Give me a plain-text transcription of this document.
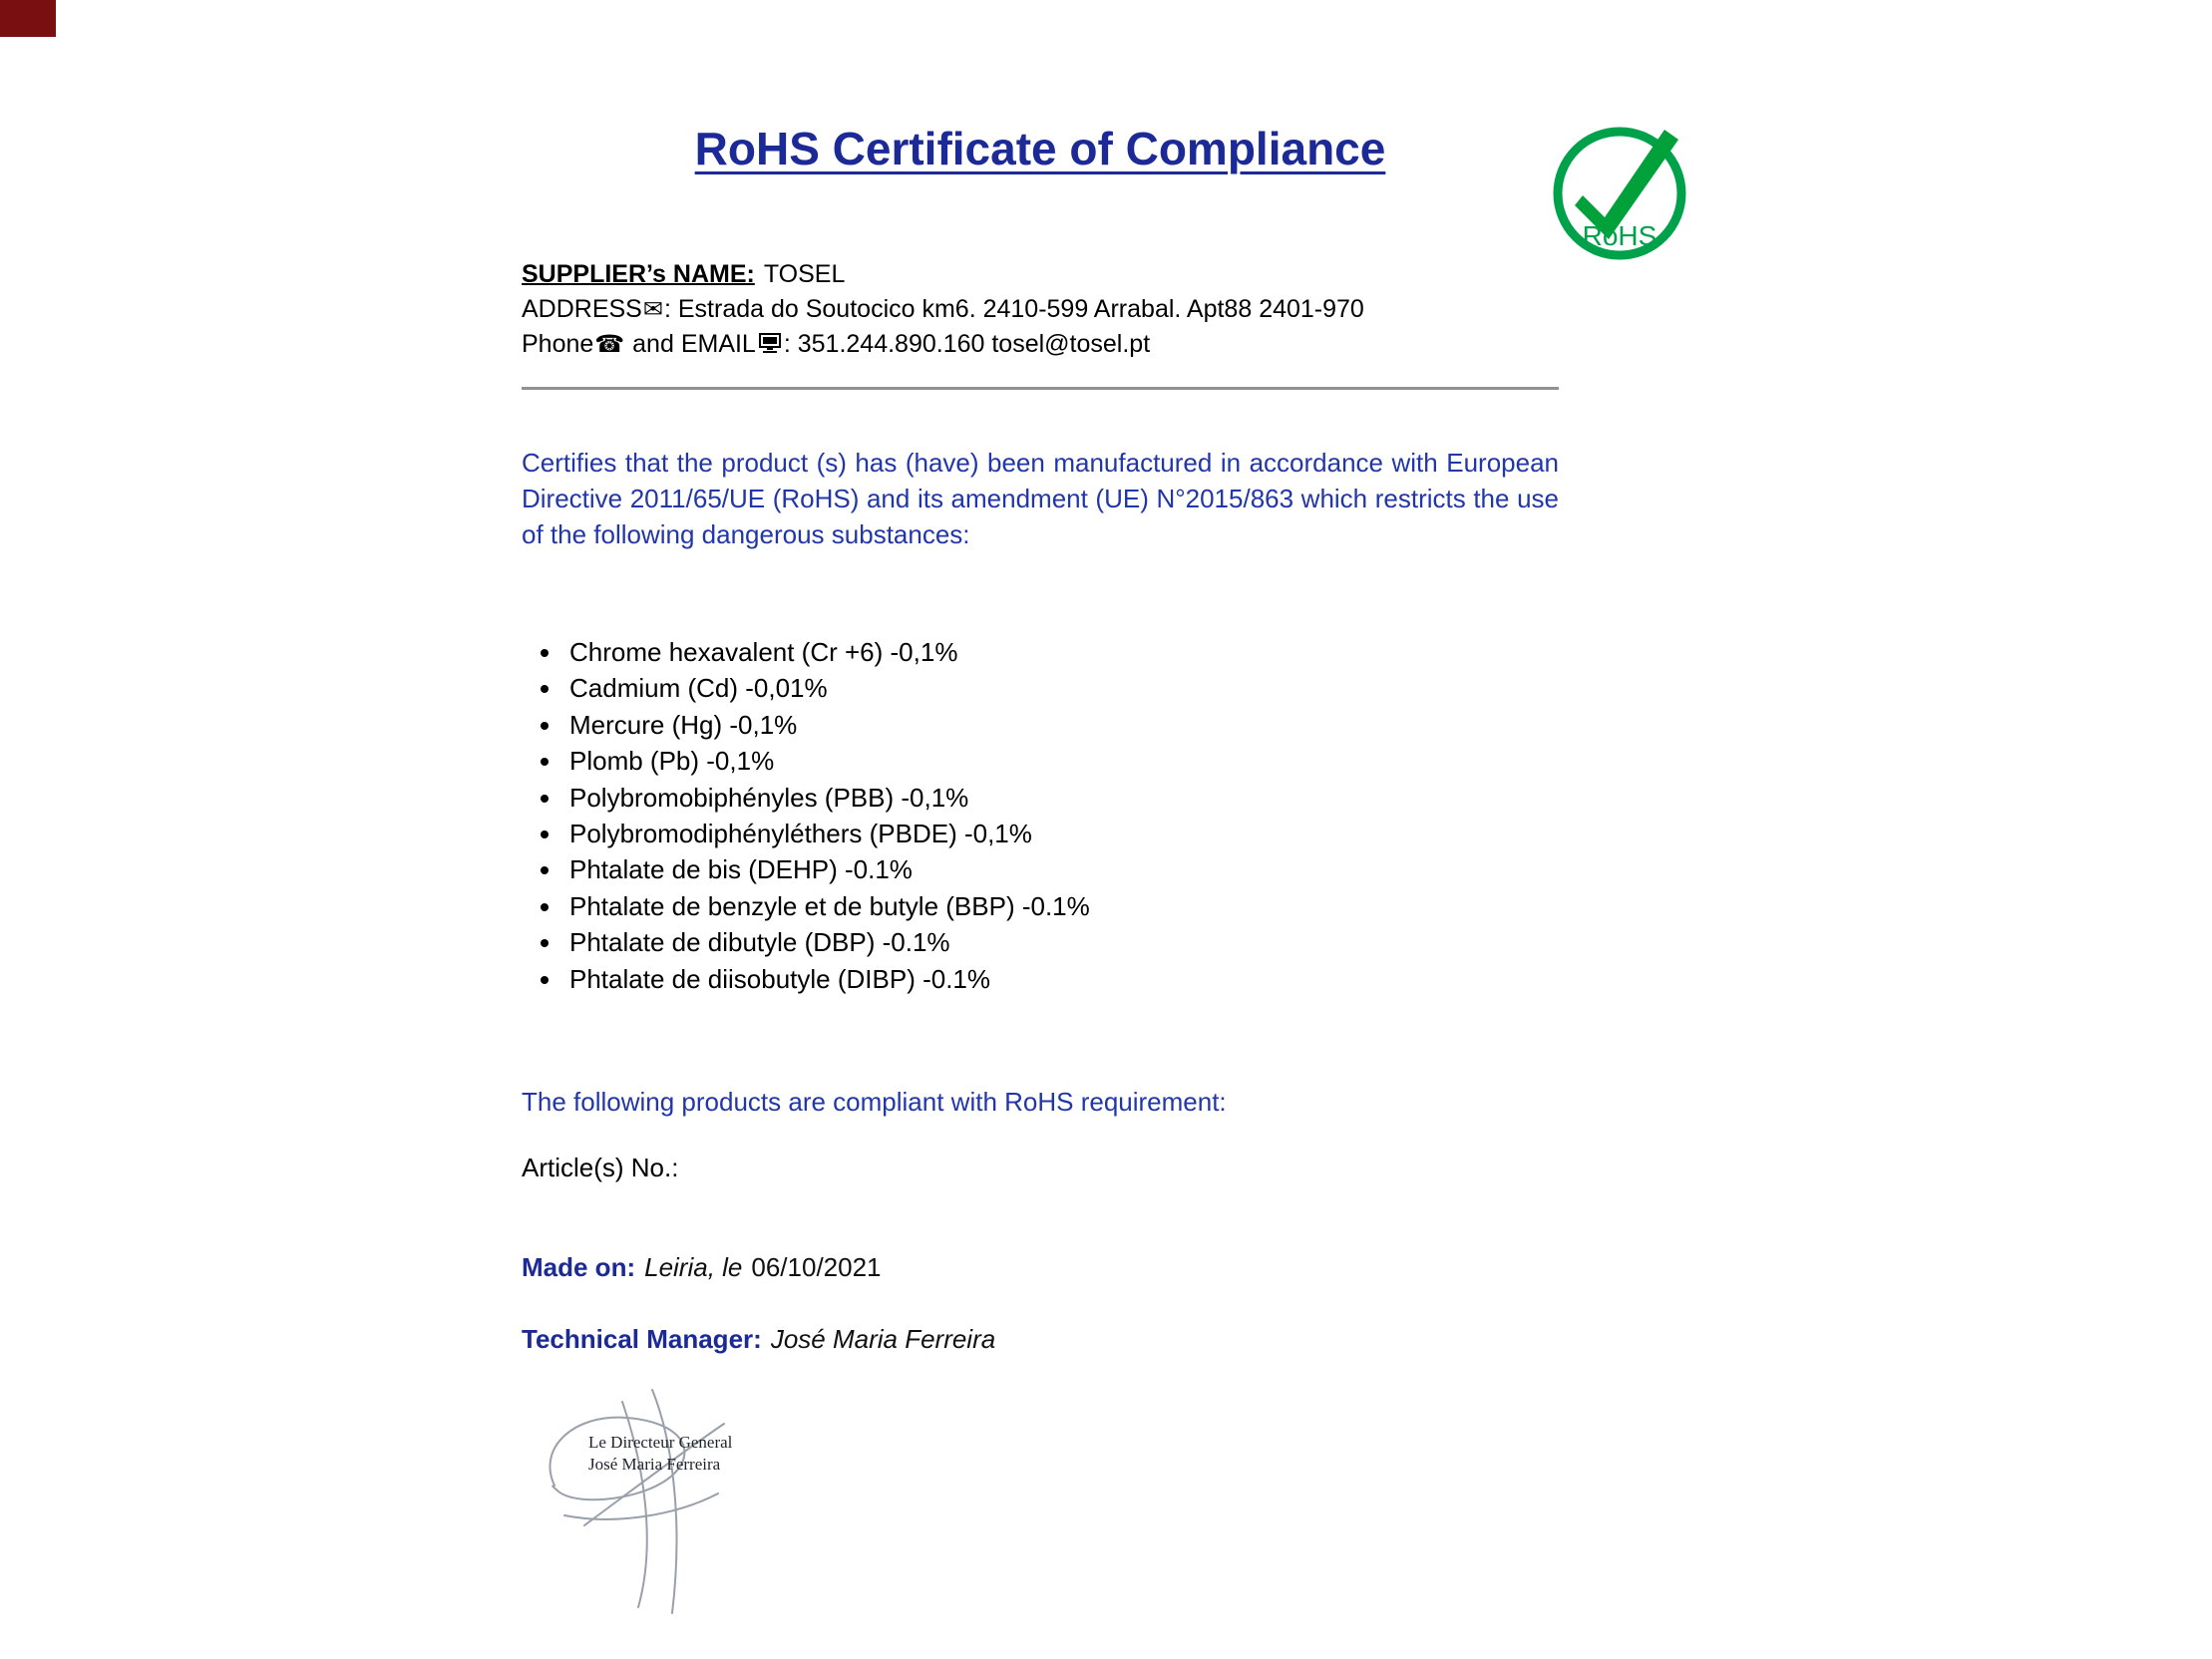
RoHS Certificate of Compliance
RoHS

SUPPLIER’s NAME: TOSEL

ADDRESS✉: Estrada do Soutocico km6. 2410-599 Arrabal. Apt88 2401-970

Phone☎ and EMAIL : 351.244.890.160 tosel@tosel.pt

Certifies that the product (s) has (have) been manufactured in accordance with European Directive 2011/65/UE (RoHS) and its amendment (UE) N°2015/863 which restricts the use of the following dangerous substances:

• Chrome hexavalent (Cr +6) -0,1%
• Cadmium (Cd) -0,01%
• Mercure (Hg) -0,1%
• Plomb (Pb) -0,1%
• Polybromobiphényles (PBB) -0,1%
• Polybromodiphényléthers (PBDE) -0,1%
• Phtalate de bis (DEHP) -0.1%
• Phtalate de benzyle et de butyle (BBP) -0.1%
• Phtalate de dibutyle (DBP) -0.1%
• Phtalate de diisobutyle (DIBP) -0.1%

The following products are compliant with RoHS requirement:

Article(s) No.:

Made on: Leiria, le 06/10/2021

Technical Manager: José Maria Ferreira

Le Directeur General
José Maria Ferreira
